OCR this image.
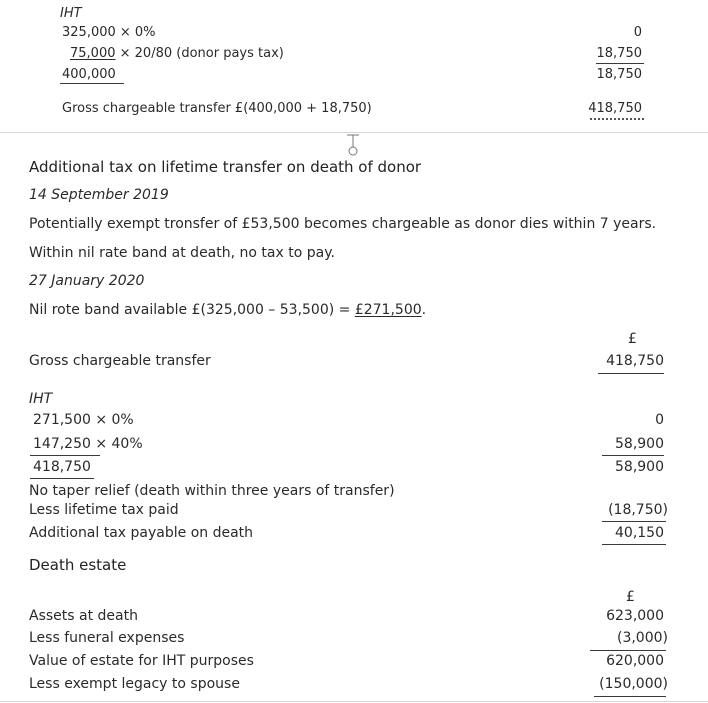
IHT
325,000 × 0%	0
75,000 × 20/80 (donor pays tax)	18,750
400,000	18,750
Gross chargeable transfer £(400,000 + 18,750)	418,750
Additional tax on lifetime transfer on death of donor
14 September 2019
Potentially exempt tronsfer of £53,500 becomes chargeable as donor dies within 7 years.
Within nil rate band at death, no tax to pay.
27 January 2020
Nil rote band available £(325,000 – 53,500) = £271,500.
£
Gross chargeable transfer	418,750
IHT
271,500 × 0%	0
147,250 × 40%	58,900
418,750	58,900
No taper relief (death within three years of transfer)
Less lifetime tax paid	(18,750)
Additional tax payable on death	40,150
Death estate
£
Assets at death	623,000
Less funeral expenses	(3,000)
Value of estate for IHT purposes	620,000
Less exempt legacy to spouse	(150,000)
